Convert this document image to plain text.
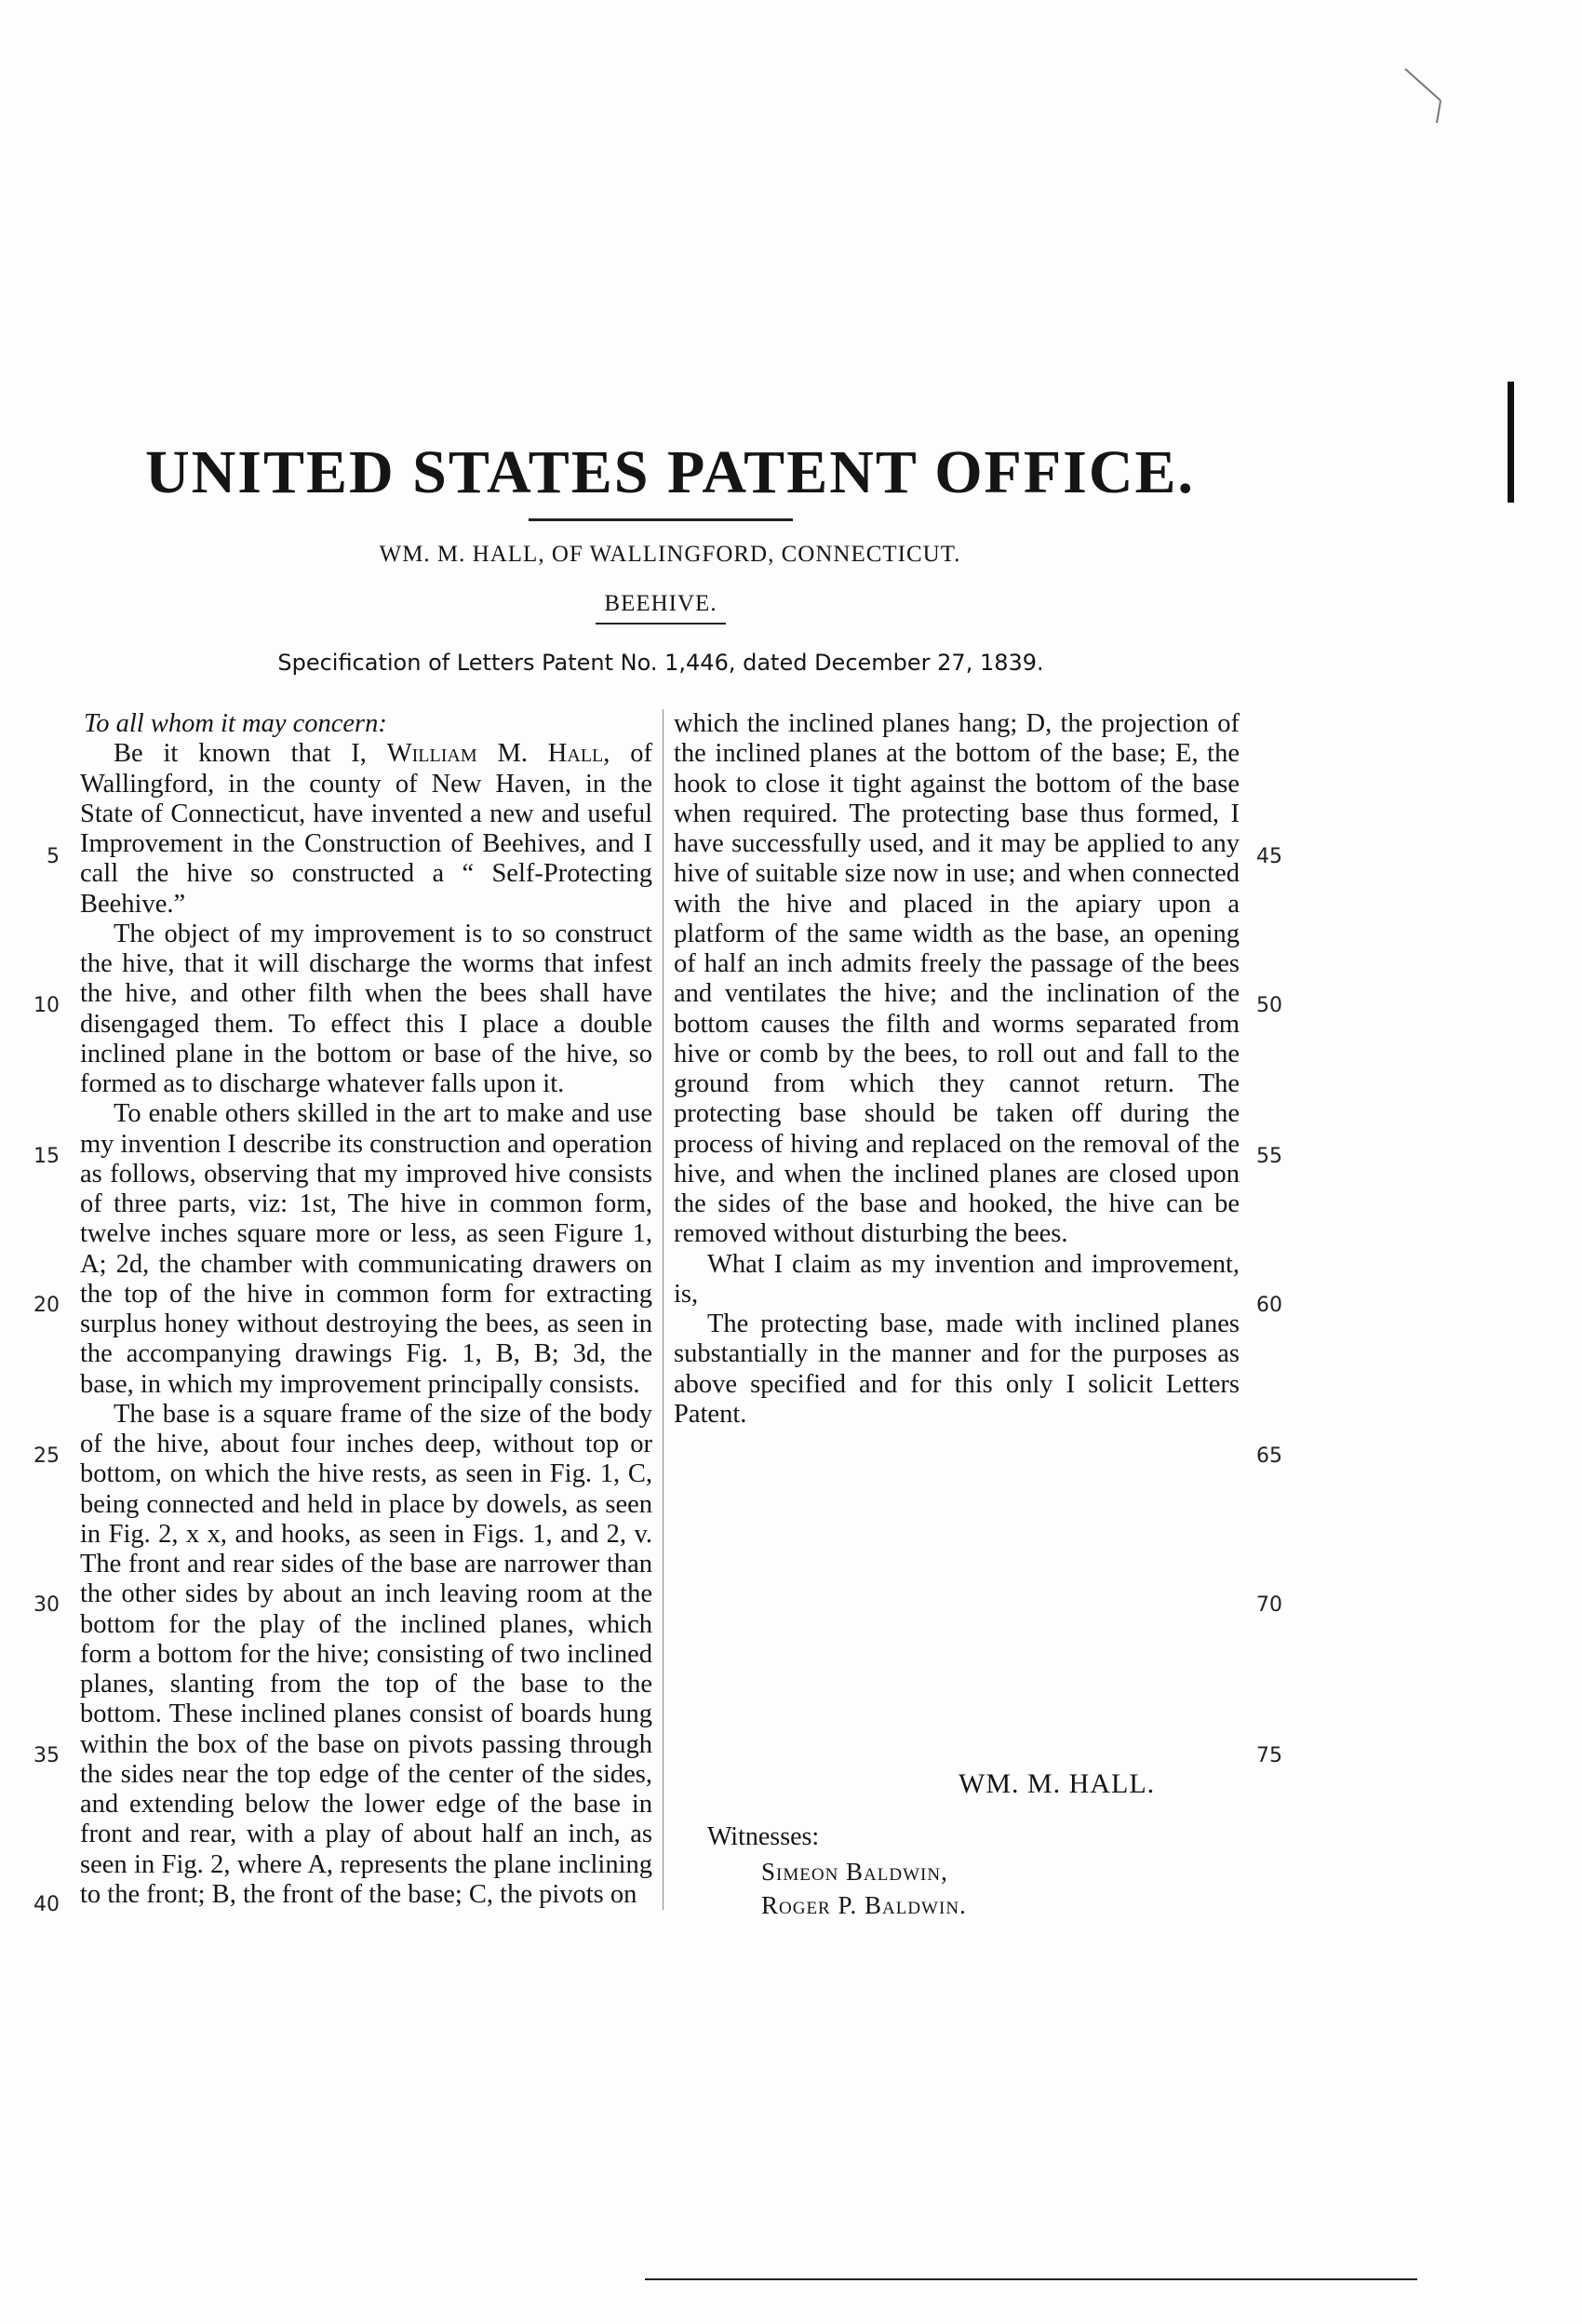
UNITED STATES PATENT OFFICE.
WM. M. HALL, OF WALLINGFORD, CONNECTICUT.
BEEHIVE.
Specification of Letters Patent No. 1,446, dated December 27, 1839.

To all whom it may concern:

Be it known that I, William M. Hall, of Wallingford, in the county of New Haven, in the State of Connecticut, have invented a new and useful Improvement in the Construction of Beehives, and I call the hive so constructed a “ Self-Protecting Beehive.”

The object of my improvement is to so construct the hive, that it will discharge the worms that infest the hive, and other filth when the bees shall have disengaged them. To effect this I place a double inclined plane in the bottom or base of the hive, so formed as to discharge whatever falls upon it.

To enable others skilled in the art to make and use my invention I describe its construction and operation as follows, observing that my improved hive consists of three parts, viz: 1st, The hive in common form, twelve inches square more or less, as seen Figure 1, A; 2d, the chamber with communicating drawers on the top of the hive in common form for extracting surplus honey without destroying the bees, as seen in the accompanying drawings Fig. 1, B, B; 3d, the base, in which my improvement principally consists.

The base is a square frame of the size of the body of the hive, about four inches deep, without top or bottom, on which the hive rests, as seen in Fig. 1, C, being connected and held in place by dowels, as seen in Fig. 2, x x, and hooks, as seen in Figs. 1, and 2, v. The front and rear sides of the base are narrower than the other sides by about an inch leaving room at the bottom for the play of the inclined planes, which form a bottom for the hive; consisting of two inclined planes, slanting from the top of the base to the bottom. These inclined planes consist of boards hung within the box of the base on pivots passing through the sides near the top edge of the center of the sides, and extending below the lower edge of the base in front and rear, with a play of about half an inch, as seen in Fig. 2, where A, represents the plane inclining to the front; B, the front of the base; C, the pivots on

which the inclined planes hang; D, the projection of the inclined planes at the bottom of the base; E, the hook to close it tight against the bottom of the base when required. The protecting base thus formed, I have successfully used, and it may be applied to any hive of suitable size now in use; and when connected with the hive and placed in the apiary upon a platform of the same width as the base, an opening of half an inch admits freely the passage of the bees and ventilates the hive; and the inclination of the bottom causes the filth and worms separated from hive or comb by the bees, to roll out and fall to the ground from which they cannot return. The protecting base should be taken off during the process of hiving and replaced on the removal of the hive, and when the inclined planes are closed upon the sides of the base and hooked, the hive can be removed without disturbing the bees.

What I claim as my invention and improvement, is,

The protecting base, made with inclined planes substantially in the manner and for the purposes as above specified and for this only I solicit Letters Patent.

5
10
15
20
25
30
35
40
45
50
55
60
65
70
75
WM. M. HALL.
Witnesses:
Simeon Baldwin,
Roger P. Baldwin.
